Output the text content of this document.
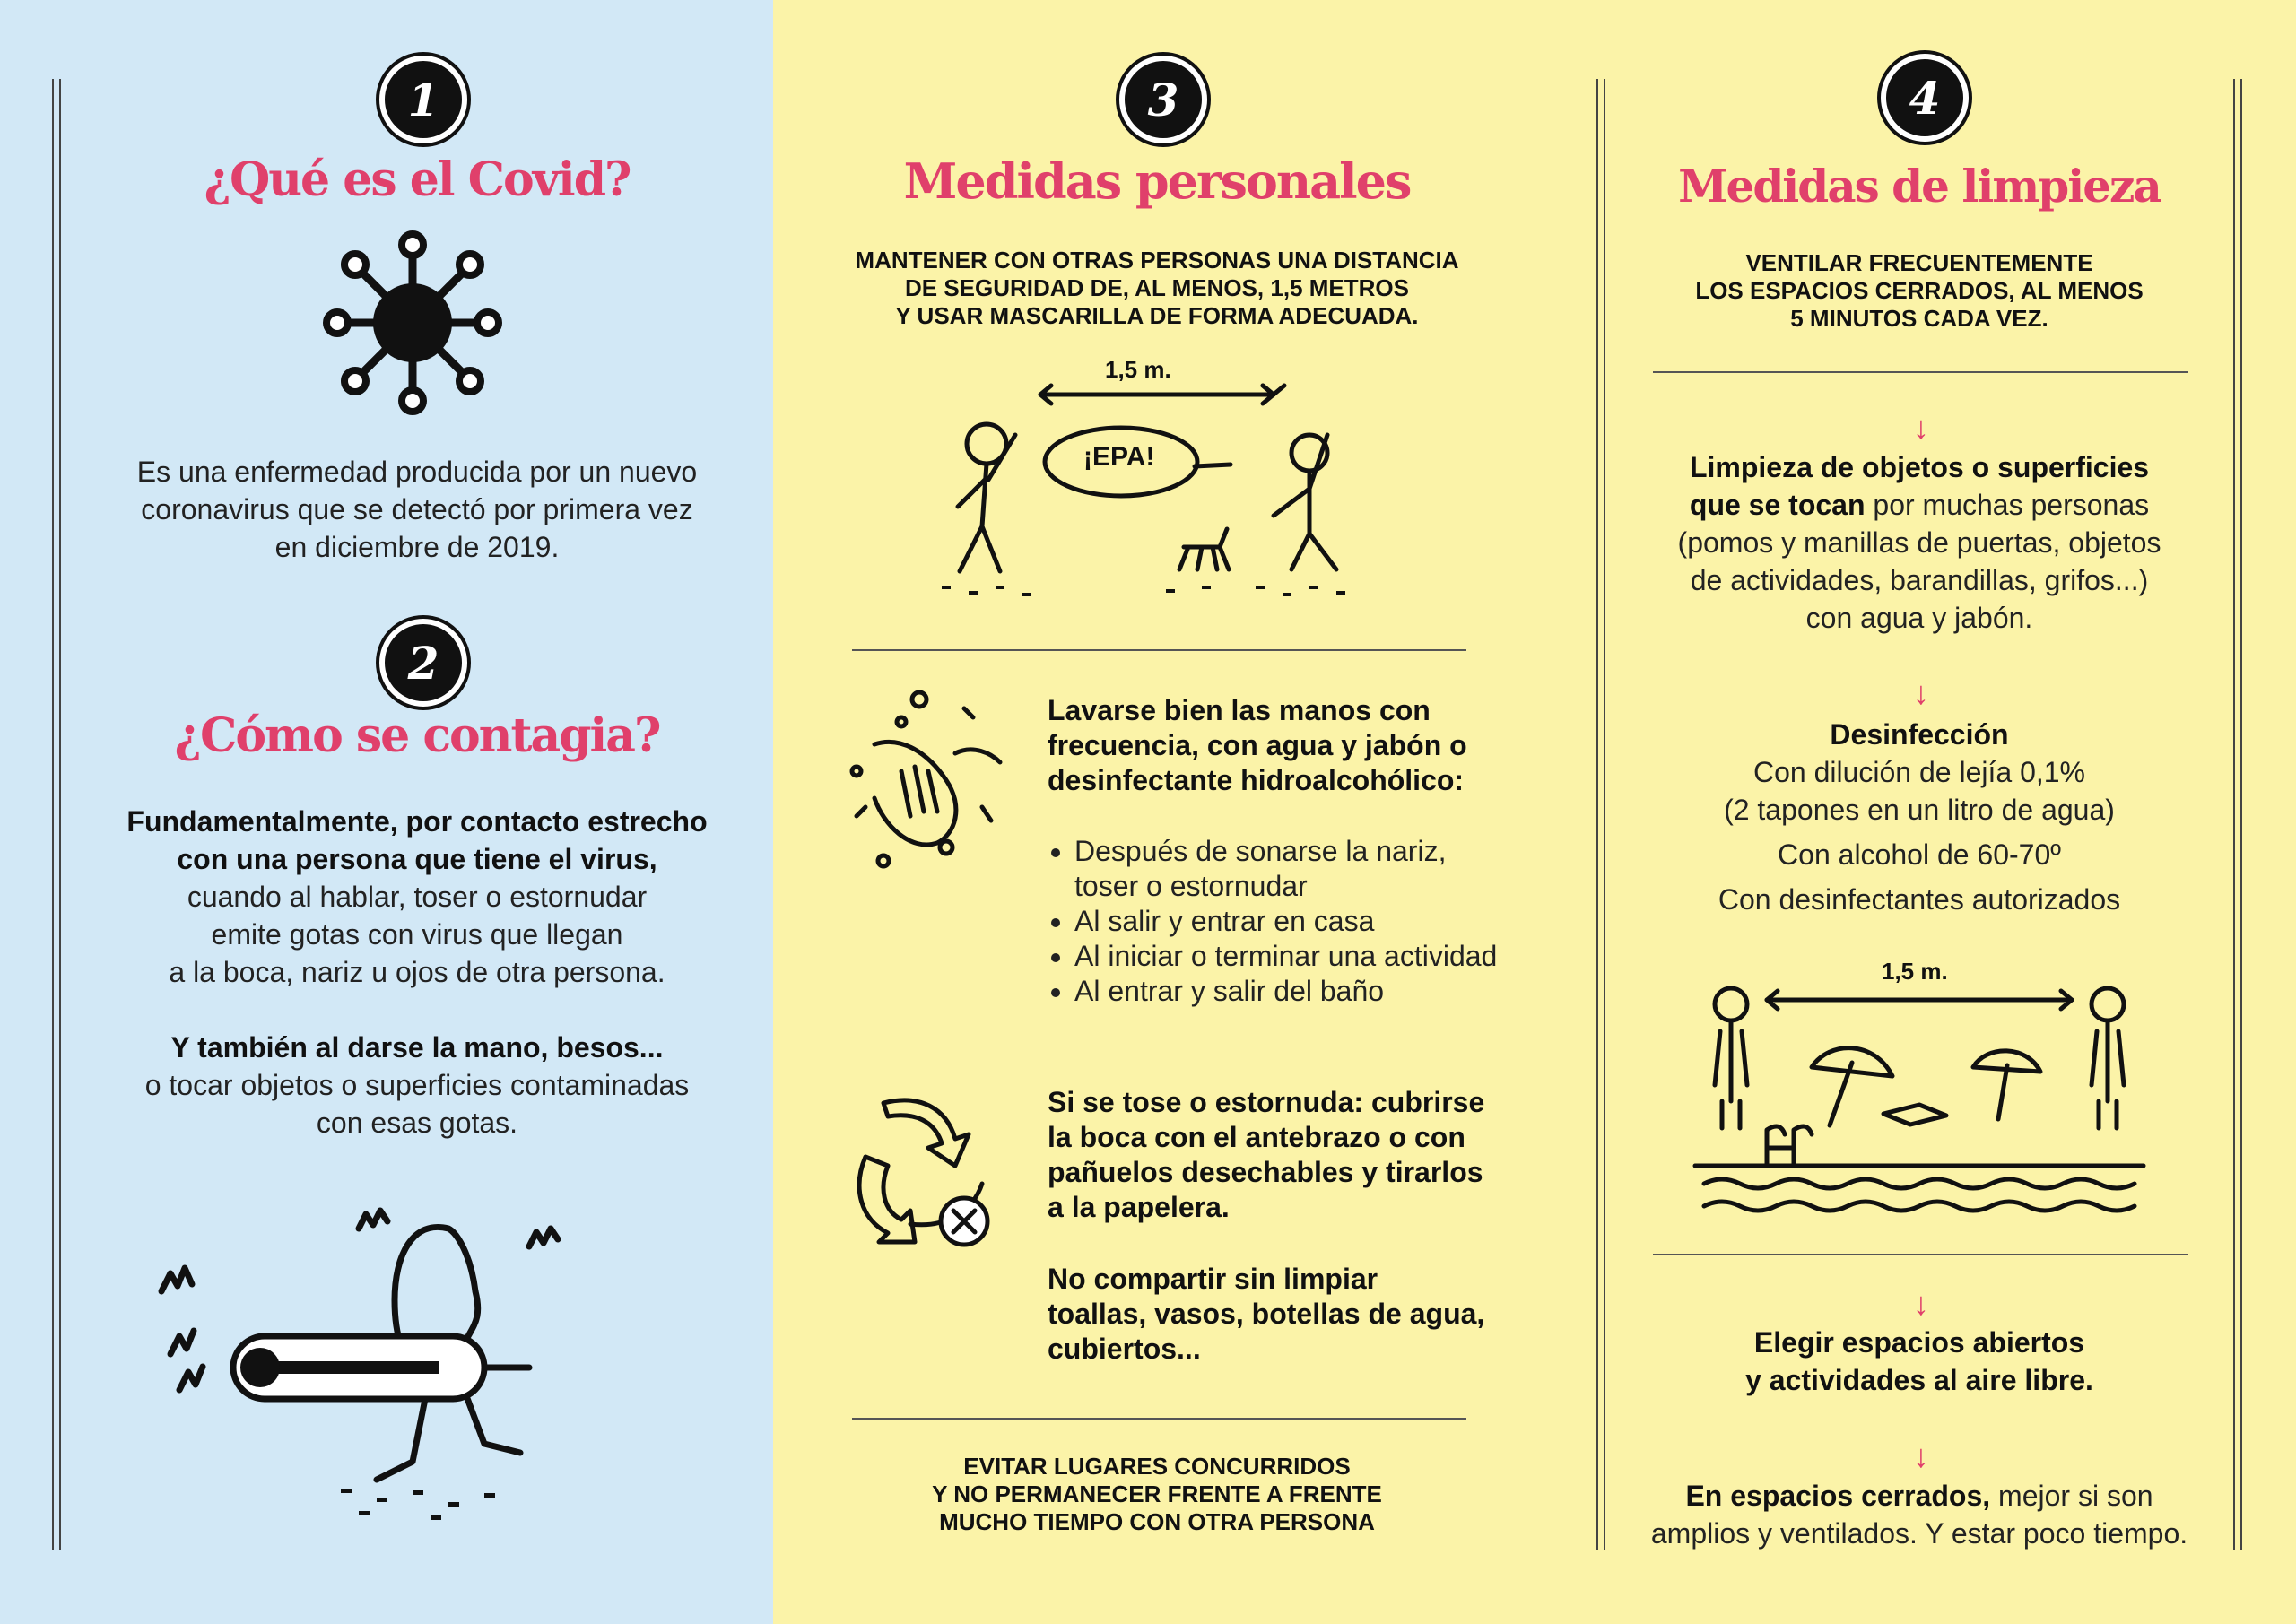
1
¿Qué es el Covid?
Es una enfermedad producida por un nuevo
coronavirus que se detectó por primera vez
en diciembre de 2019.
2
¿Cómo se contagia?
Fundamentalmente, por contacto estrecho
con una persona que tiene el virus,
cuando al hablar, toser o estornudar
emite gotas con virus que llegan
a la boca, nariz u ojos de otra persona.
Y también al darse la mano, besos...
o tocar objetos o superficies contaminadas
con esas gotas.
3
Medidas personales
MANTENER CON OTRAS PERSONAS UNA DISTANCIA
DE SEGURIDAD DE, AL MENOS, 1,5 METROS
Y USAR MASCARILLA DE FORMA ADECUADA.
1,5 m.
¡EPA!
Lavarse bien las manos con
frecuencia, con agua y jabón o
desinfectante hidroalcohólico:
• Después de sonarse la nariz, toser o estornudar
• Al salir y entrar en casa
• Al iniciar o terminar una actividad
• Al entrar y salir del baño
Si se tose o estornuda: cubrirse
la boca con el antebrazo o con
pañuelos desechables y tirarlos
a la papelera.
No compartir sin limpiar
toallas, vasos, botellas de agua,
cubiertos...
EVITAR LUGARES CONCURRIDOS
Y NO PERMANECER FRENTE A FRENTE
MUCHO TIEMPO CON OTRA PERSONA
4
Medidas de limpieza
VENTILAR FRECUENTEMENTE
LOS ESPACIOS CERRADOS, AL MENOS
5 MINUTOS CADA VEZ.
↓
Limpieza de objetos o superficies
que se tocan por muchas personas
(pomos y manillas de puertas, objetos
de actividades, barandillas, grifos...)
con agua y jabón.
↓
Desinfección
Con dilución de lejía 0,1%
(2 tapones en un litro de agua)
Con alcohol de 60-70º
Con desinfectantes autorizados
1,5 m.
↓
Elegir espacios abiertos
y actividades al aire libre.
↓
En espacios cerrados, mejor si son
amplios y ventilados. Y estar poco tiempo.
